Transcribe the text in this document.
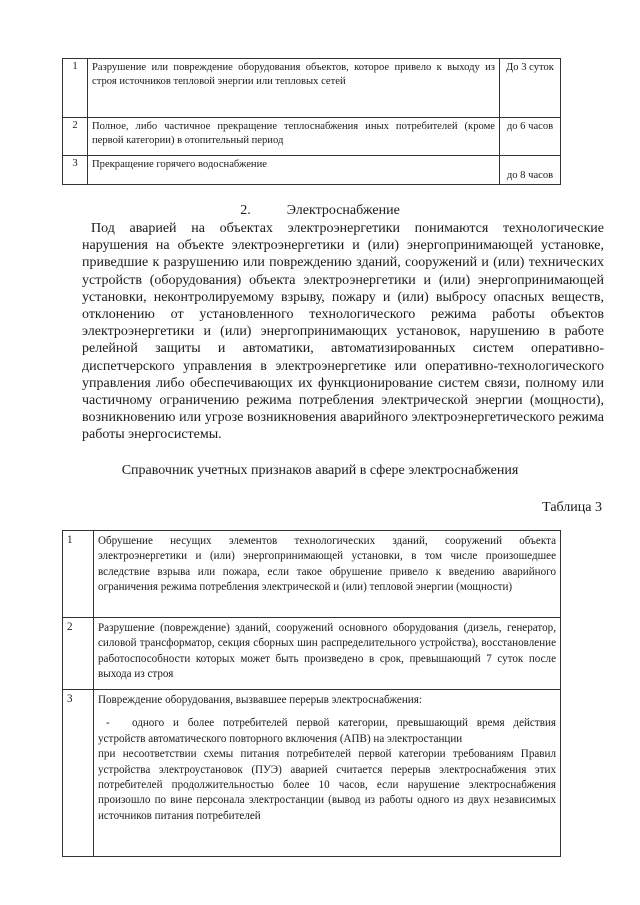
1	Разрушение или повреждение оборудования объектов, которое привело к выходу из строя источников тепловой энергии или тепловых сетей	До 3 суток
2	Полное, либо частичное прекращение теплоснабжения иных потребителей (кроме первой категории) в отопительный период	до 6 часов
3	Прекращение горячего водоснабжение	до 8 часов
2.	Электроснабжение

Под аварией на объектах электроэнергетики понимаются технологические нарушения на объекте электроэнергетики и (или) энергопринимающей установке, приведшие к разрушению или повреждению зданий, сооружений и (или) технических устройств (оборудования) объекта электроэнергетики и (или) энергопринимающей установки, неконтролируемому взрыву, пожару и (или) выбросу опасных веществ, отклонению от установленного технологического режима работы объектов электроэнергетики и (или) энергопринимающих установок, нарушению в работе релейной защиты и автоматики, автоматизированных систем оперативно-диспетчерского управления в электроэнергетике или оперативно-технологического управления либо обеспечивающих их функционирование систем связи, полному или частичному ограничению режима потребления электрической энергии (мощности), возникновению или угрозе возникновения аварийного электроэнергетического режима работы энергосистемы.

Справочник учетных признаков аварий в сфере электроснабжения
Таблица 3
1	Обрушение несущих элементов технологических зданий, сооружений объекта электроэнергетики и (или) энергопринимающей установки, в том числе произошедшее вследствие взрыва или пожара, если такое обрушение привело к введению аварийного ограничения режима потребления электрической и (или) тепловой энергии (мощности)
2	Разрушение (повреждение) зданий, сооружений основного оборудования (дизель, генератор, силовой трансформатор, секция сборных шин распределительного устройства), восстановление работоспособности которых может быть произведено в срок, превышающий 7 суток после выхода из строя
3	Повреждение оборудования, вызвавшее перерыв электроснабжения:

- одного и более потребителей первой категории, превышающий время действия устройств автоматического повторного включения (АПВ) на электростанции

при несоответствии схемы питания потребителей первой категории требованиям Правил устройства электроустановок (ПУЭ) аварией считается перерыв электроснабжения этих потребителей продолжительностью более 10 часов, если нарушение электроснабжения произошло по вине персонала электростанции (вывод из работы одного из двух независимых источников питания потребителей
